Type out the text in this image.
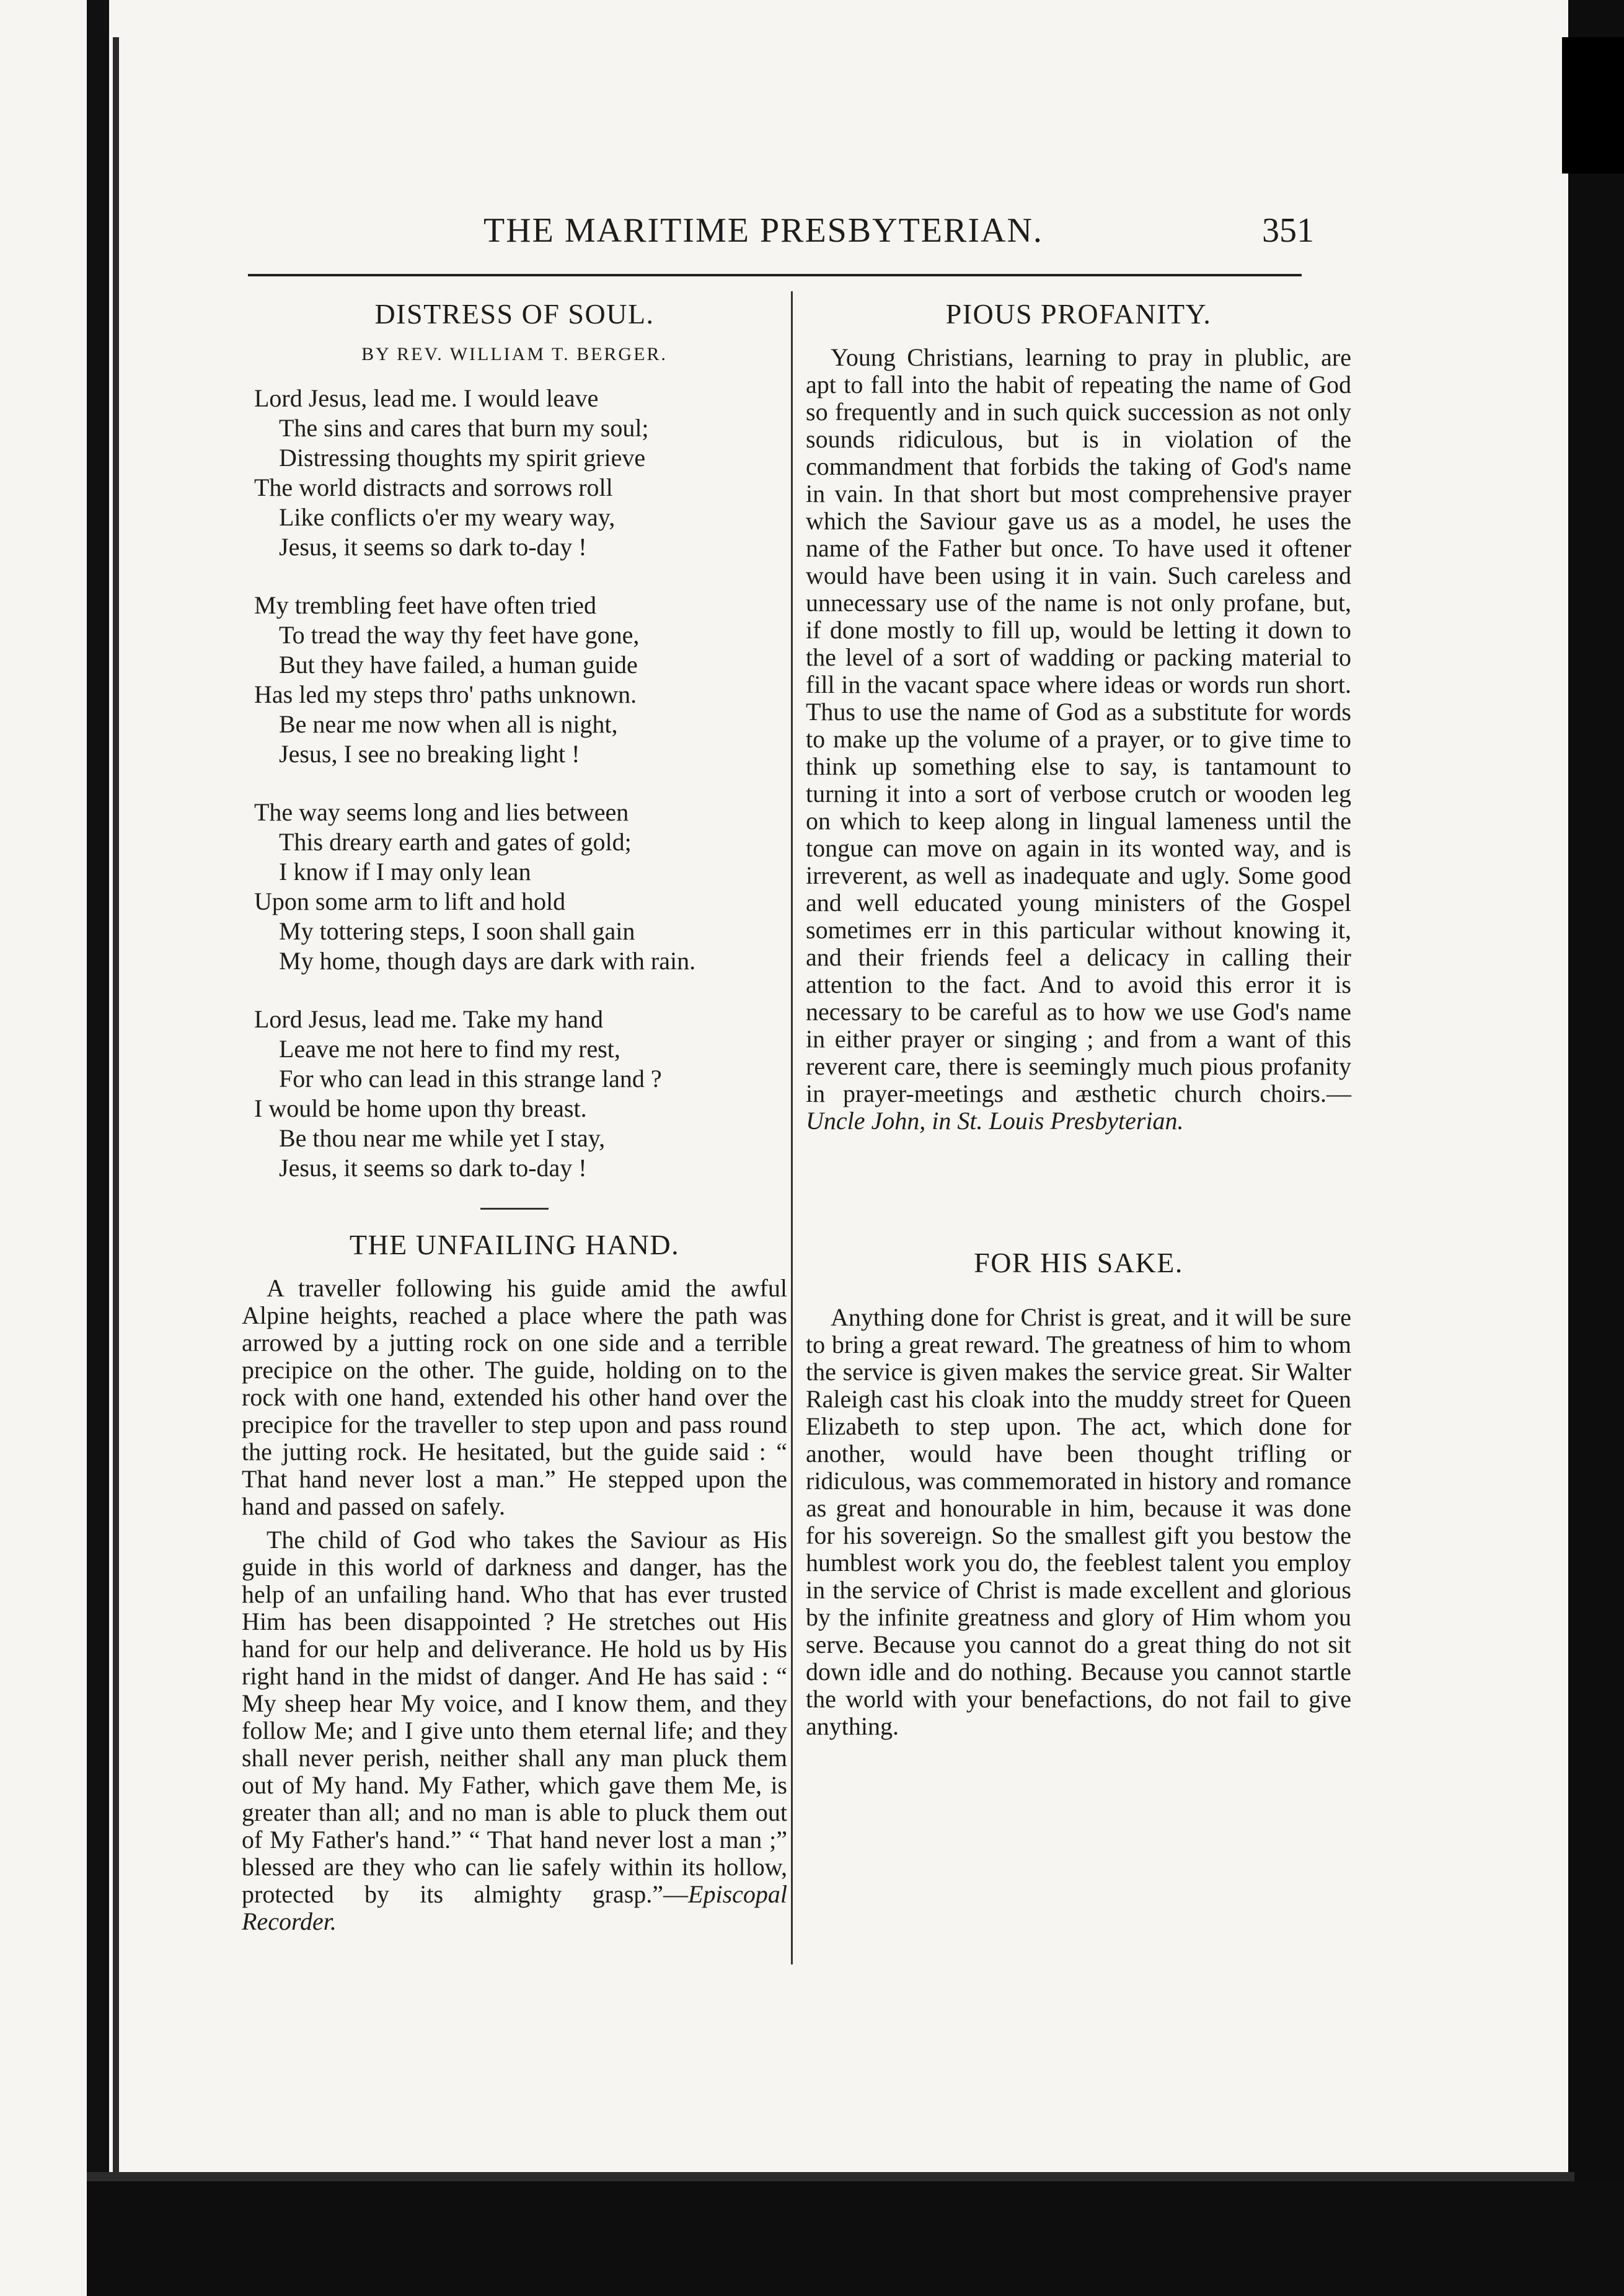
THE MARITIME PRESBYTERIAN.	351
DISTRESS OF SOUL.
BY REV. WILLIAM T. BERGER.
Lord Jesus, lead me. I would leave
The sins and cares that burn my soul;
Distressing thoughts my spirit grieve
The world distracts and sorrows roll
Like conflicts o'er my weary way,
Jesus, it seems so dark to-day !
My trembling feet have often tried
To tread the way thy feet have gone,
But they have failed, a human guide
Has led my steps thro' paths unknown.
Be near me now when all is night,
Jesus, I see no breaking light !
The way seems long and lies between
This dreary earth and gates of gold;
I know if I may only lean
Upon some arm to lift and hold
My tottering steps, I soon shall gain
My home, though days are dark with rain.
Lord Jesus, lead me. Take my hand
Leave me not here to find my rest,
For who can lead in this strange land ?
I would be home upon thy breast.
Be thou near me while yet I stay,
Jesus, it seems so dark to-day !
THE UNFAILING HAND.

A traveller following his guide amid the awful Alpine heights, reached a place where the path was arrowed by a jutting rock on one side and a terrible precipice on the other. The guide, holding on to the rock with one hand, extended his other hand over the precipice for the traveller to step upon and pass round the jutting rock. He hesitated, but the guide said : “ That hand never lost a man.” He stepped upon the hand and passed on safely.

The child of God who takes the Saviour as His guide in this world of darkness and danger, has the help of an unfailing hand. Who that has ever trusted Him has been disappointed ? He stretches out His hand for our help and deliverance. He hold us by His right hand in the midst of danger. And He has said : “ My sheep hear My voice, and I know them, and they follow Me; and I give unto them eternal life; and they shall never perish, neither shall any man pluck them out of My hand. My Father, which gave them Me, is greater than all; and no man is able to pluck them out of My Father's hand.” “ That hand never lost a man ;” blessed are they who can lie safely within its hollow, protected by its almighty grasp.”—Episcopal Recorder.

PIOUS PROFANITY.

Young Christians, learning to pray in plublic, are apt to fall into the habit of repeating the name of God so frequently and in such quick succession as not only sounds ridiculous, but is in violation of the commandment that forbids the taking of God's name in vain. In that short but most comprehensive prayer which the Saviour gave us as a model, he uses the name of the Father but once. To have used it oftener would have been using it in vain. Such careless and unnecessary use of the name is not only profane, but, if done mostly to fill up, would be letting it down to the level of a sort of wadding or packing material to fill in the vacant space where ideas or words run short. Thus to use the name of God as a substitute for words to make up the volume of a prayer, or to give time to think up something else to say, is tantamount to turning it into a sort of verbose crutch or wooden leg on which to keep along in lingual lameness until the tongue can move on again in its wonted way, and is irreverent, as well as inadequate and ugly. Some good and well educated young ministers of the Gospel sometimes err in this particular without knowing it, and their friends feel a delicacy in calling their attention to the fact. And to avoid this error it is necessary to be careful as to how we use God's name in either prayer or singing ; and from a want of this reverent care, there is seemingly much pious profanity in prayer-meetings and æsthetic church choirs.—Uncle John, in St. Louis Presbyterian.

FOR HIS SAKE.

Anything done for Christ is great, and it will be sure to bring a great reward. The greatness of him to whom the service is given makes the service great. Sir Walter Raleigh cast his cloak into the muddy street for Queen Elizabeth to step upon. The act, which done for another, would have been thought trifling or ridiculous, was commemorated in history and romance as great and honourable in him, because it was done for his sovereign. So the smallest gift you bestow the humblest work you do, the feeblest talent you employ in the service of Christ is made excellent and glorious by the infinite greatness and glory of Him whom you serve. Because you cannot do a great thing do not sit down idle and do nothing. Because you cannot startle the world with your benefactions, do not fail to give anything.
